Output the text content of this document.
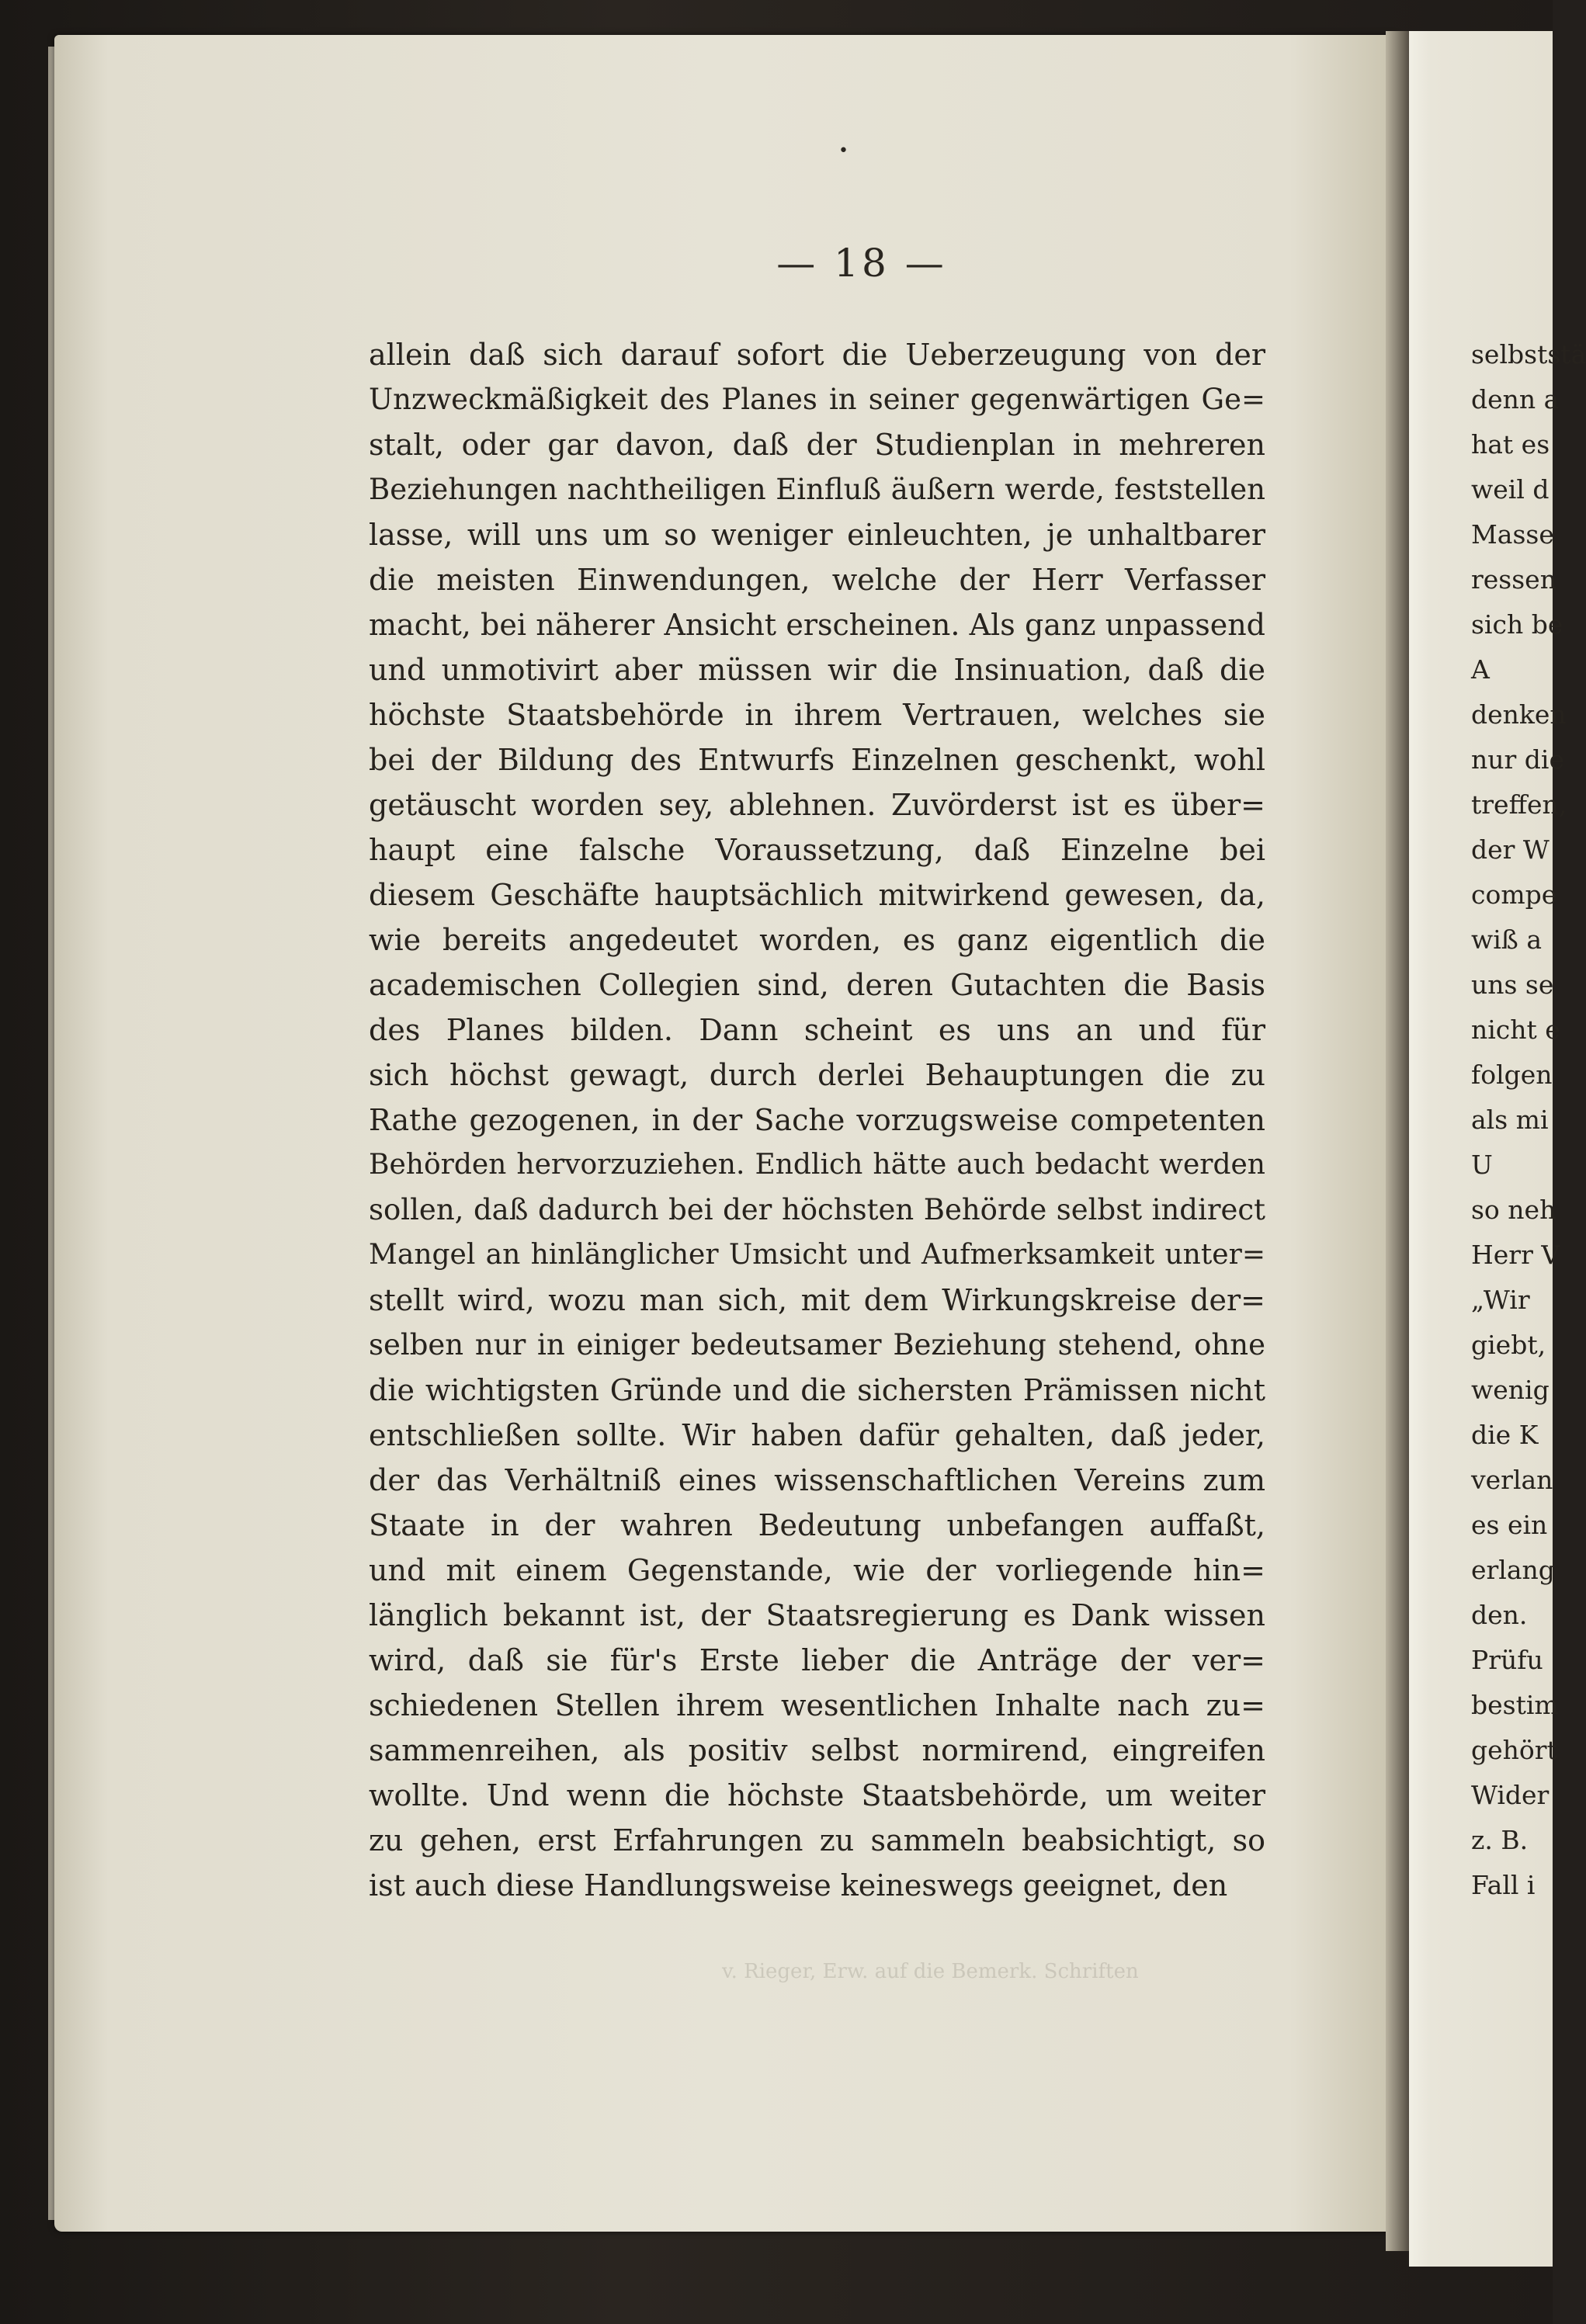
•
— 18 —
v. Rieger, Erw. auf die Bemerk. Schriften
allein daß sich darauf sofort die Ueberzeugung von der
Unzweckmäßigkeit des Planes in seiner gegenwärtigen Ge=
stalt, oder gar davon, daß der Studienplan in mehreren
Beziehungen nachtheiligen Einfluß äußern werde, feststellen
lasse, will uns um so weniger einleuchten, je unhaltbarer
die meisten Einwendungen, welche der Herr Verfasser
macht, bei näherer Ansicht erscheinen. Als ganz unpassend
und unmotivirt aber müssen wir die Insinuation, daß die
höchste Staatsbehörde in ihrem Vertrauen, welches sie
bei der Bildung des Entwurfs Einzelnen geschenkt, wohl
getäuscht worden sey, ablehnen. Zuvörderst ist es über=
haupt eine falsche Voraussetzung, daß Einzelne bei
diesem Geschäfte hauptsächlich mitwirkend gewesen, da,
wie bereits angedeutet worden, es ganz eigentlich die
academischen Collegien sind, deren Gutachten die Basis
des Planes bilden. Dann scheint es uns an und für
sich höchst gewagt, durch derlei Behauptungen die zu
Rathe gezogenen, in der Sache vorzugsweise competenten
Behörden hervorzuziehen. Endlich hätte auch bedacht werden
sollen, daß dadurch bei der höchsten Behörde selbst indirect
Mangel an hinlänglicher Umsicht und Aufmerksamkeit unter=
stellt wird, wozu man sich, mit dem Wirkungskreise der=
selben nur in einiger bedeutsamer Beziehung stehend, ohne
die wichtigsten Gründe und die sichersten Prämissen nicht
entschließen sollte. Wir haben dafür gehalten, daß jeder,
der das Verhältniß eines wissenschaftlichen Vereins zum
Staate in der wahren Bedeutung unbefangen auffaßt,
und mit einem Gegenstande, wie der vorliegende hin=
länglich bekannt ist, der Staatsregierung es Dank wissen
wird, daß sie für's Erste lieber die Anträge der ver=
schiedenen Stellen ihrem wesentlichen Inhalte nach zu=
sammenreihen, als positiv selbst normirend, eingreifen
wollte. Und wenn die höchste Staatsbehörde, um weiter
zu gehen, erst Erfahrungen zu sammeln beabsichtigt, so
ist auch diese Handlungsweise keineswegs geeignet, den
selbststä
denn a
hat es
weil d
Masse
ressen
sich be
A
denken
nur die
treffen,
der W
compe
wiß a
uns se
nicht e
folgen
als mi
U
so neh
Herr V
„Wir
giebt,
wenig
die K
verlan
es ein
erlang
den.
Prüfu
bestim
gehört
Wider
z. B.
Fall i
